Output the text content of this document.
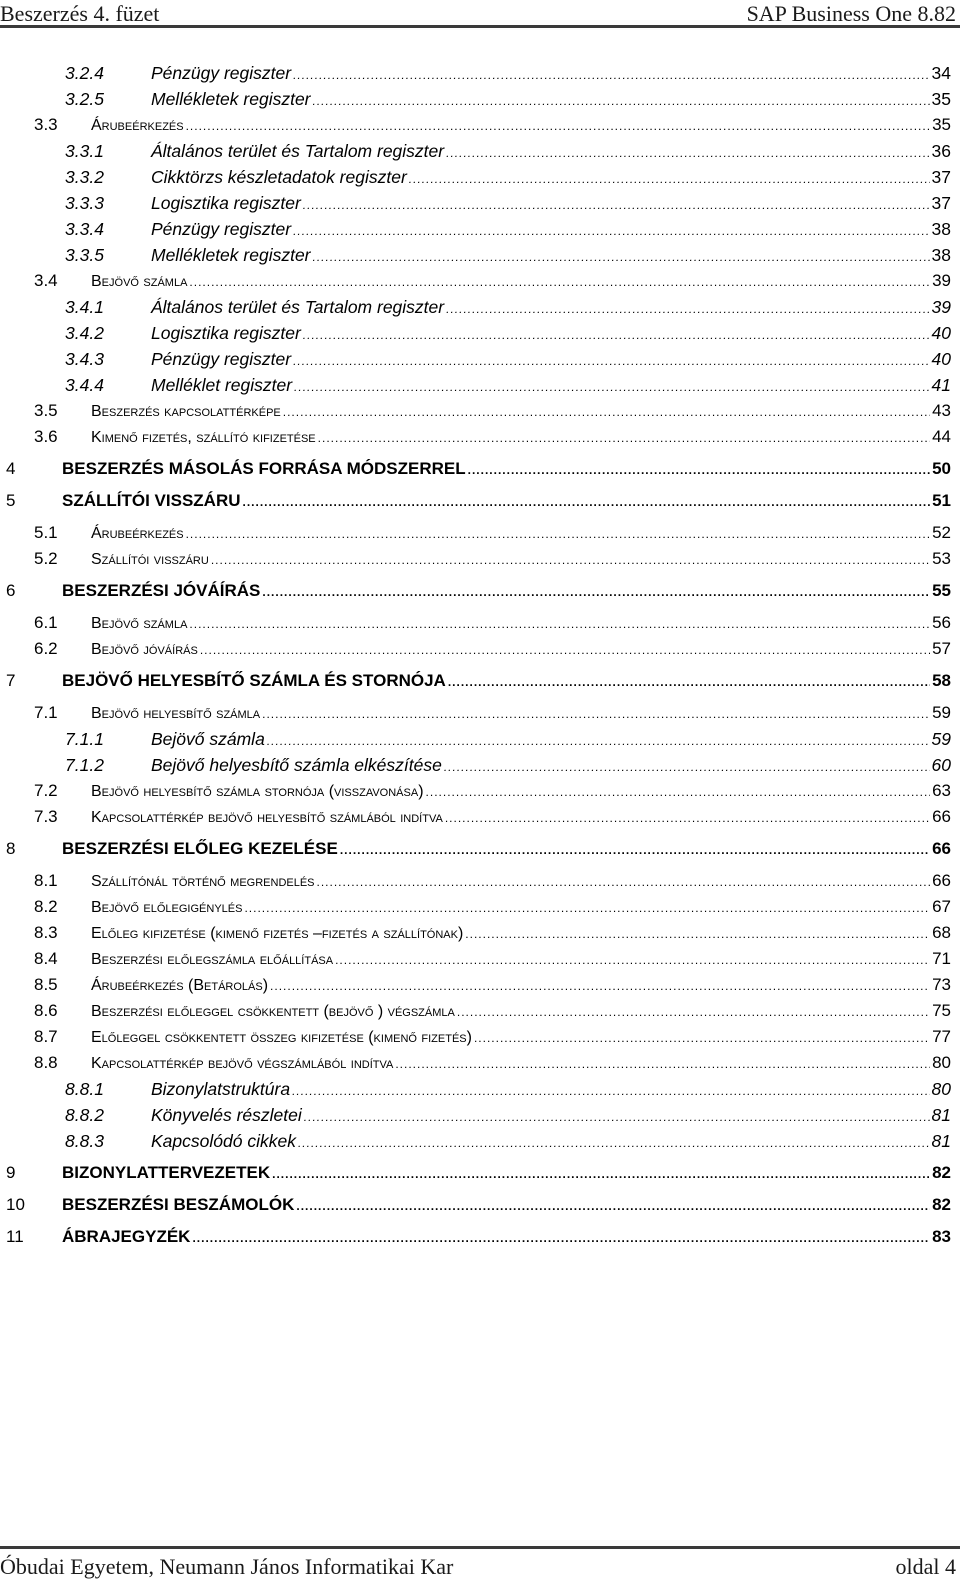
Beszerzés 4. füzet	SAP Business One 8.82
3.2.4	Pénzügy regiszter .....	34
3.2.5	Mellékletek regiszter .....	35
3.3	Árubeérkezés .....	35
3.3.1	Általános terület és Tartalom regiszter .....	36
3.3.2	Cikktörzs készletadatok regiszter .....	37
3.3.3	Logisztika regiszter .....	37
3.3.4	Pénzügy regiszter .....	38
3.3.5	Mellékletek regiszter .....	38
3.4	Bejövő számla .....	39
3.4.1	Általános terület és Tartalom regiszter .....	39
3.4.2	Logisztika regiszter .....	40
3.4.3	Pénzügy regiszter .....	40
3.4.4	Melléklet regiszter .....	41
3.5	Beszerzés kapcsolattérképe .....	43
3.6	Kimenő fizetés, szállító kifizetése .....	44
4	BESZERZÉS MÁSOLÁS FORRÁSA MÓDSZERREL .....	50
5	SZÁLLÍTÓI VISSZÁRU .....	51
5.1	Árubeérkezés .....	52
5.2	Szállítói visszáru .....	53
6	BESZERZÉSI JÓVÁÍRÁS .....	55
6.1	Bejövő számla .....	56
6.2	Bejövő jóváírás .....	57
7	BEJÖVŐ HELYESBÍTŐ SZÁMLA ÉS STORNÓJA .....	58
7.1	Bejövő helyesbítő számla .....	59
7.1.1	Bejövő számla .....	59
7.1.2	Bejövő helyesbítő számla elkészítése .....	60
7.2	Bejövő helyesbítő számla stornója (visszavonása) .....	63
7.3	Kapcsolattérkép bejövő helyesbítő számlából indítva .....	66
8	BESZERZÉSI ELŐLEG KEZELÉSE .....	66
8.1	Szállítónál történő megrendelés .....	66
8.2	Bejövő előlegigénylés .....	67
8.3	Előleg kifizetése (kimenő fizetés –fizetés a szállítónak) .....	68
8.4	Beszerzési előlegszámla előállítása .....	71
8.5	Árubeérkezés (Betárolás) .....	73
8.6	Beszerzési előleggel csökkentett (bejövő ) végszámla .....	75
8.7	Előleggel csökkentett összeg kifizetése (kimenő fizetés) .....	77
8.8	Kapcsolattérkép bejövő végszámlából indítva .....	80
8.8.1	Bizonylatstruktúra .....	80
8.8.2	Könyvelés részletei .....	81
8.8.3	Kapcsolódó cikkek .....	81
9	BIZONYLATTERVEZETEK .....	82
10	BESZERZÉSI BESZÁMOLÓK .....	82
11	ÁBRAJEGYZÉK .....	83
Óbudai Egyetem, Neumann János Informatikai Kar	oldal 4
